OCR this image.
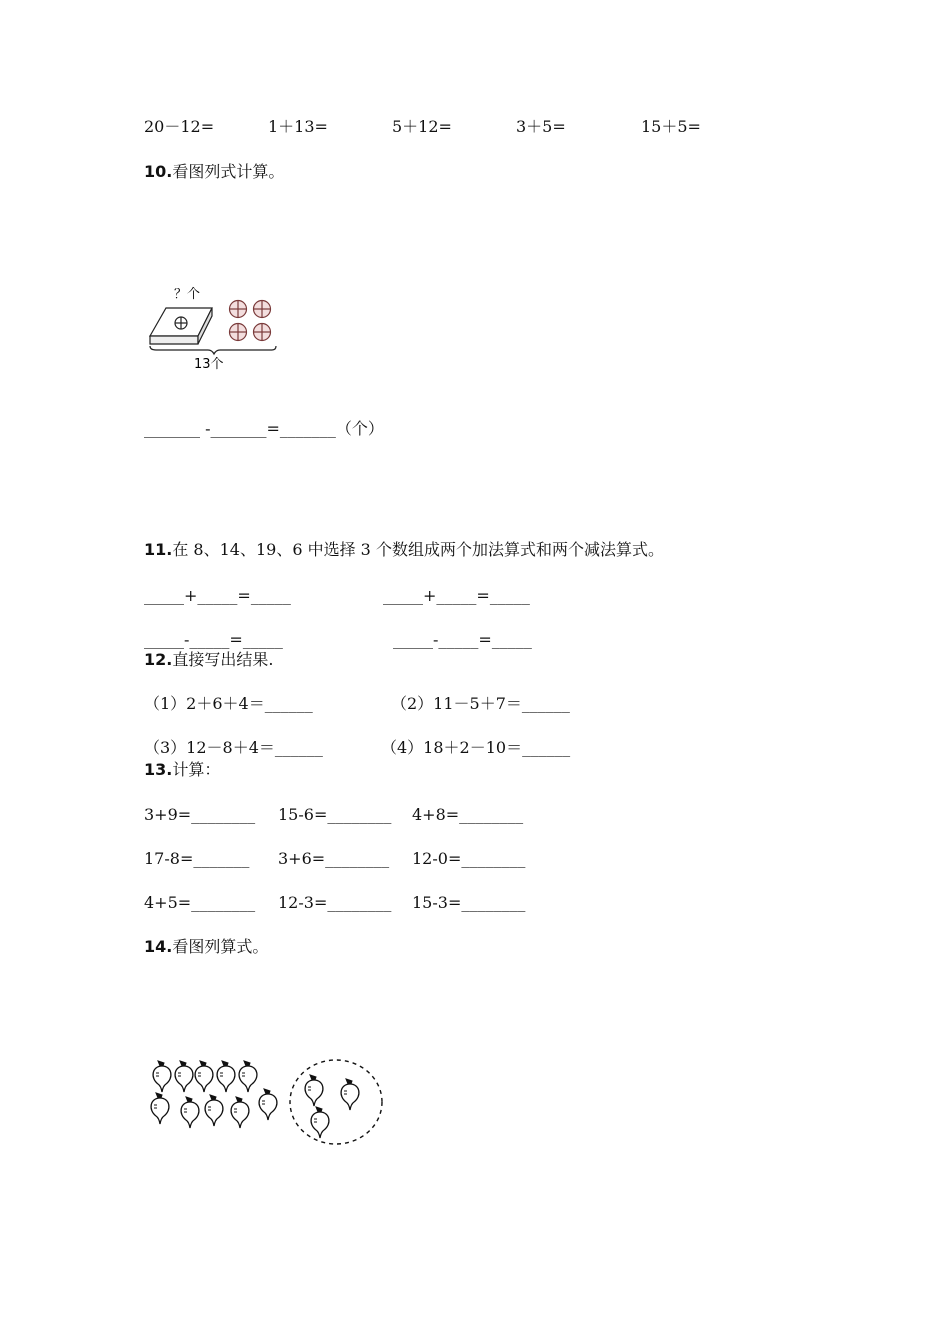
20－12=	1＋13=	5＋12=	3＋5=	15＋5=
10.看图列式计算。
？个
13个
_______ -_______=_______（个）
11.在 8、14、19、6 中选择 3 个数组成两个加法算式和两个减法算式。
_____+_____=_____	_____+_____=_____
_____-_____=_____	_____-_____=_____
12.直接写出结果.
（1）2＋6＋4＝______	（2）11－5＋7＝______
（3）12－8＋4＝______	（4）18＋2－10＝______
13.计算：
3+9=________ 15-6=________ 4+8=________
17-8=_______ 3+6=________ 12-0=________
4+5=________ 12-3=________ 15-3=________
14.看图列算式。
